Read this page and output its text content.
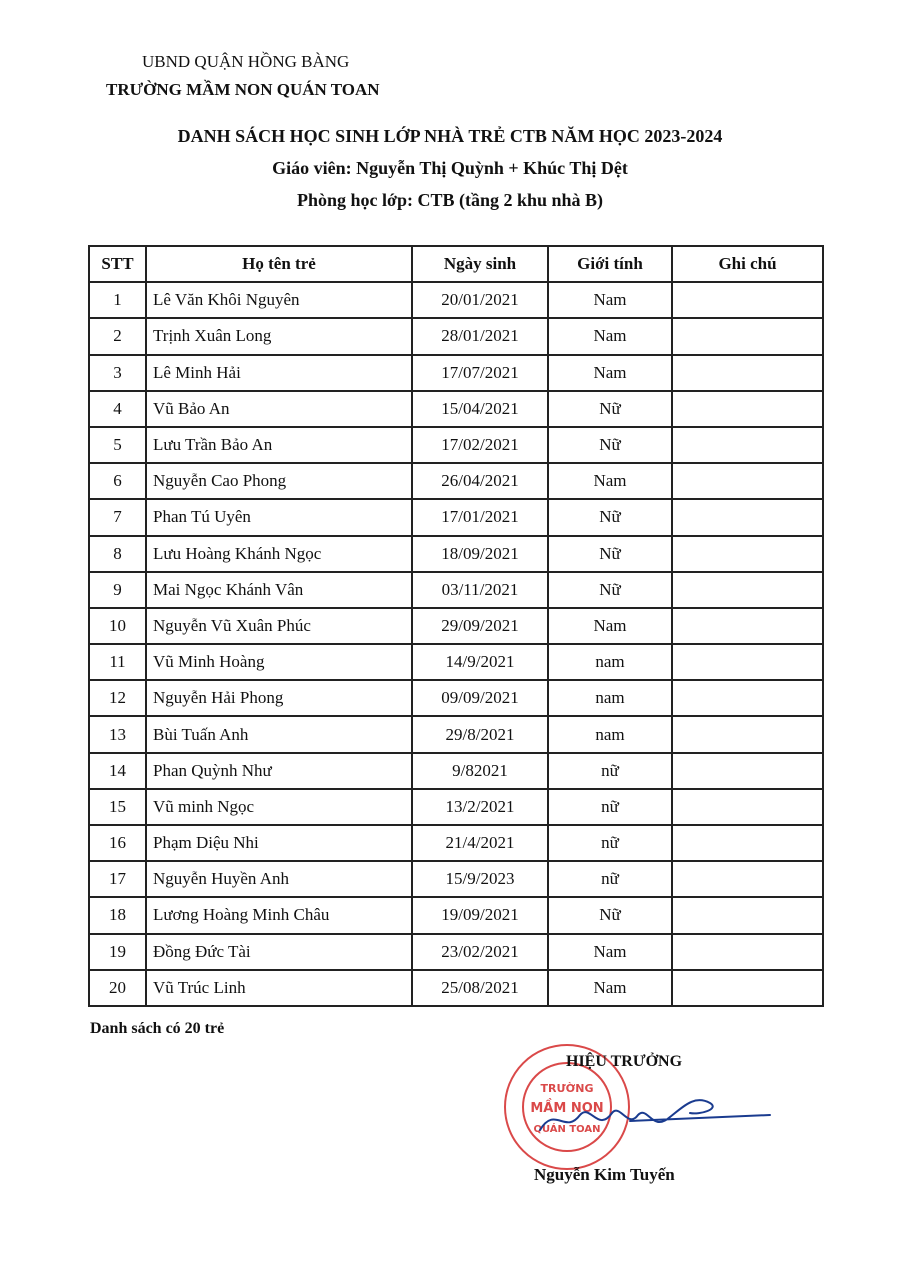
UBND QUẬN HỒNG BÀNG
TRƯỜNG MẦM NON QUÁN TOAN
DANH SÁCH HỌC SINH LỚP NHÀ TRẺ CTB NĂM HỌC 2023-2024
Giáo viên: Nguyễn Thị Quỳnh + Khúc Thị Dệt
Phòng học lớp: CTB (tầng 2 khu nhà B)
STT	Họ tên trẻ	Ngày sinh	Giới tính	Ghi chú
1	Lê Văn Khôi Nguyên	20/01/2021	Nam	
2	Trịnh Xuân Long	28/01/2021	Nam	
3	Lê Minh Hải	17/07/2021	Nam	
4	Vũ Bảo An	15/04/2021	Nữ	
5	Lưu Trần Bảo An	17/02/2021	Nữ	
6	Nguyễn Cao Phong	26/04/2021	Nam	
7	Phan Tú Uyên	17/01/2021	Nữ	
8	Lưu Hoàng Khánh Ngọc	18/09/2021	Nữ	
9	Mai Ngọc Khánh Vân	03/11/2021	Nữ	
10	Nguyễn Vũ Xuân Phúc	29/09/2021	Nam	
11	Vũ Minh Hoàng	14/9/2021	nam	
12	Nguyễn Hải Phong	09/09/2021	nam	
13	Bùi Tuấn Anh	29/8/2021	nam	
14	Phan Quỳnh Như	9/82021	nữ	
15	Vũ minh Ngọc	13/2/2021	nữ	
16	Phạm Diệu Nhi	21/4/2021	nữ	
17	Nguyễn Huyền Anh	15/9/2023	nữ	
18	Lương Hoàng Minh Châu	19/09/2021	Nữ	
19	Đồng Đức Tài	23/02/2021	Nam	
20	Vũ Trúc Linh	25/08/2021	Nam	
Danh sách có 20 trẻ
TRƯỜNG
MẦM NON
QUÁN TOAN
HIỆU TRƯỞNG
Nguyễn Kim Tuyến
